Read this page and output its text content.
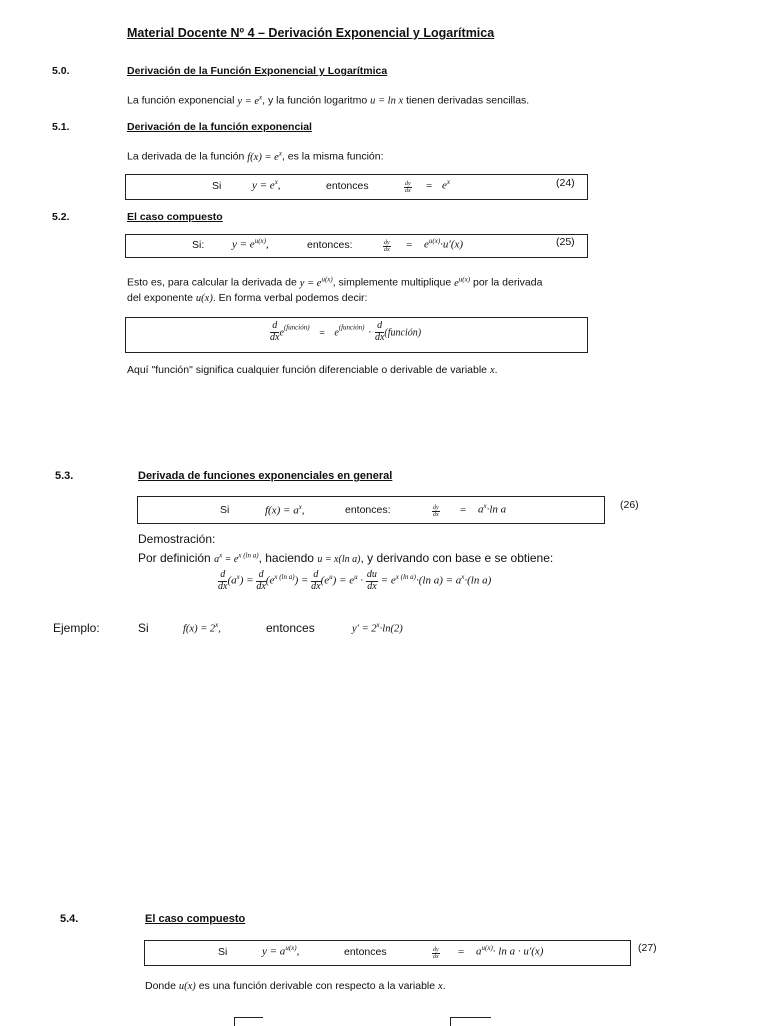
Material Docente Nº 4 – Derivación Exponencial y Logarítmica
5.0.	Derivación de la Función Exponencial y Logarítmica
La función exponencial $y = e^x$, y la función logaritmo u = ln x tienen derivadas sencillas.
5.1.	Derivación de la función exponencial
La derivada de la función $f(x) = e^x$, es la misma función:
Si	$y = e^x$,	entonces	$\frac{dy}{dx} = e^x$	(24)
5.2.	El caso compuesto
Si:	$y = e^{u(x)}$,	entonces:	$\frac{dy}{dx} = e^{u(x)}\cdot u'(x)$	(25)
Esto es, para calcular la derivada de $y = e^{u(x)}$, simplemente multiplique $e^{u(x)}$ por la derivada
del exponente u(x). En forma verbal podemos decir:
$\frac{d}{dx} e^{(función)} = e^{(función)} \cdot \frac{d}{dx}$ (función)
Aquí "función" significa cualquier función diferenciable o derivable de variable x.
5.3.	Derivada de funciones exponenciales en general
Si	$f(x) = a^x$,	entonces:	$\frac{dy}{dx} = a^x\cdot\ln$ a	(26)
Demostración:
Por definición $a^x = e^{x (ln a)}$, haciendo u = x(ln a), y derivando con base e se obtiene:
$\frac{d}{dx} (a^x) = \frac{d}{dx} (e^{x (ln a)}) = \frac{d}{dx} (e^u) = e^u \cdot \frac{du}{dx} = e^{x (ln a)}\cdot(\ln$ $a) = a^x\cdot(\ln$ a)
Ejemplo:	Si	$f(x) = 2^x$,	entonces	$y' = 2^x\cdot\ln(2)$
5.4.	El caso compuesto
Si	$y = a^{u(x)}$,	entonces	$\frac{dy}{dx} = a^{u(x)}\cdot \ln a \cdot u'(x)$	(27)
Donde u(x) es una función derivable con respecto a la variable x.
